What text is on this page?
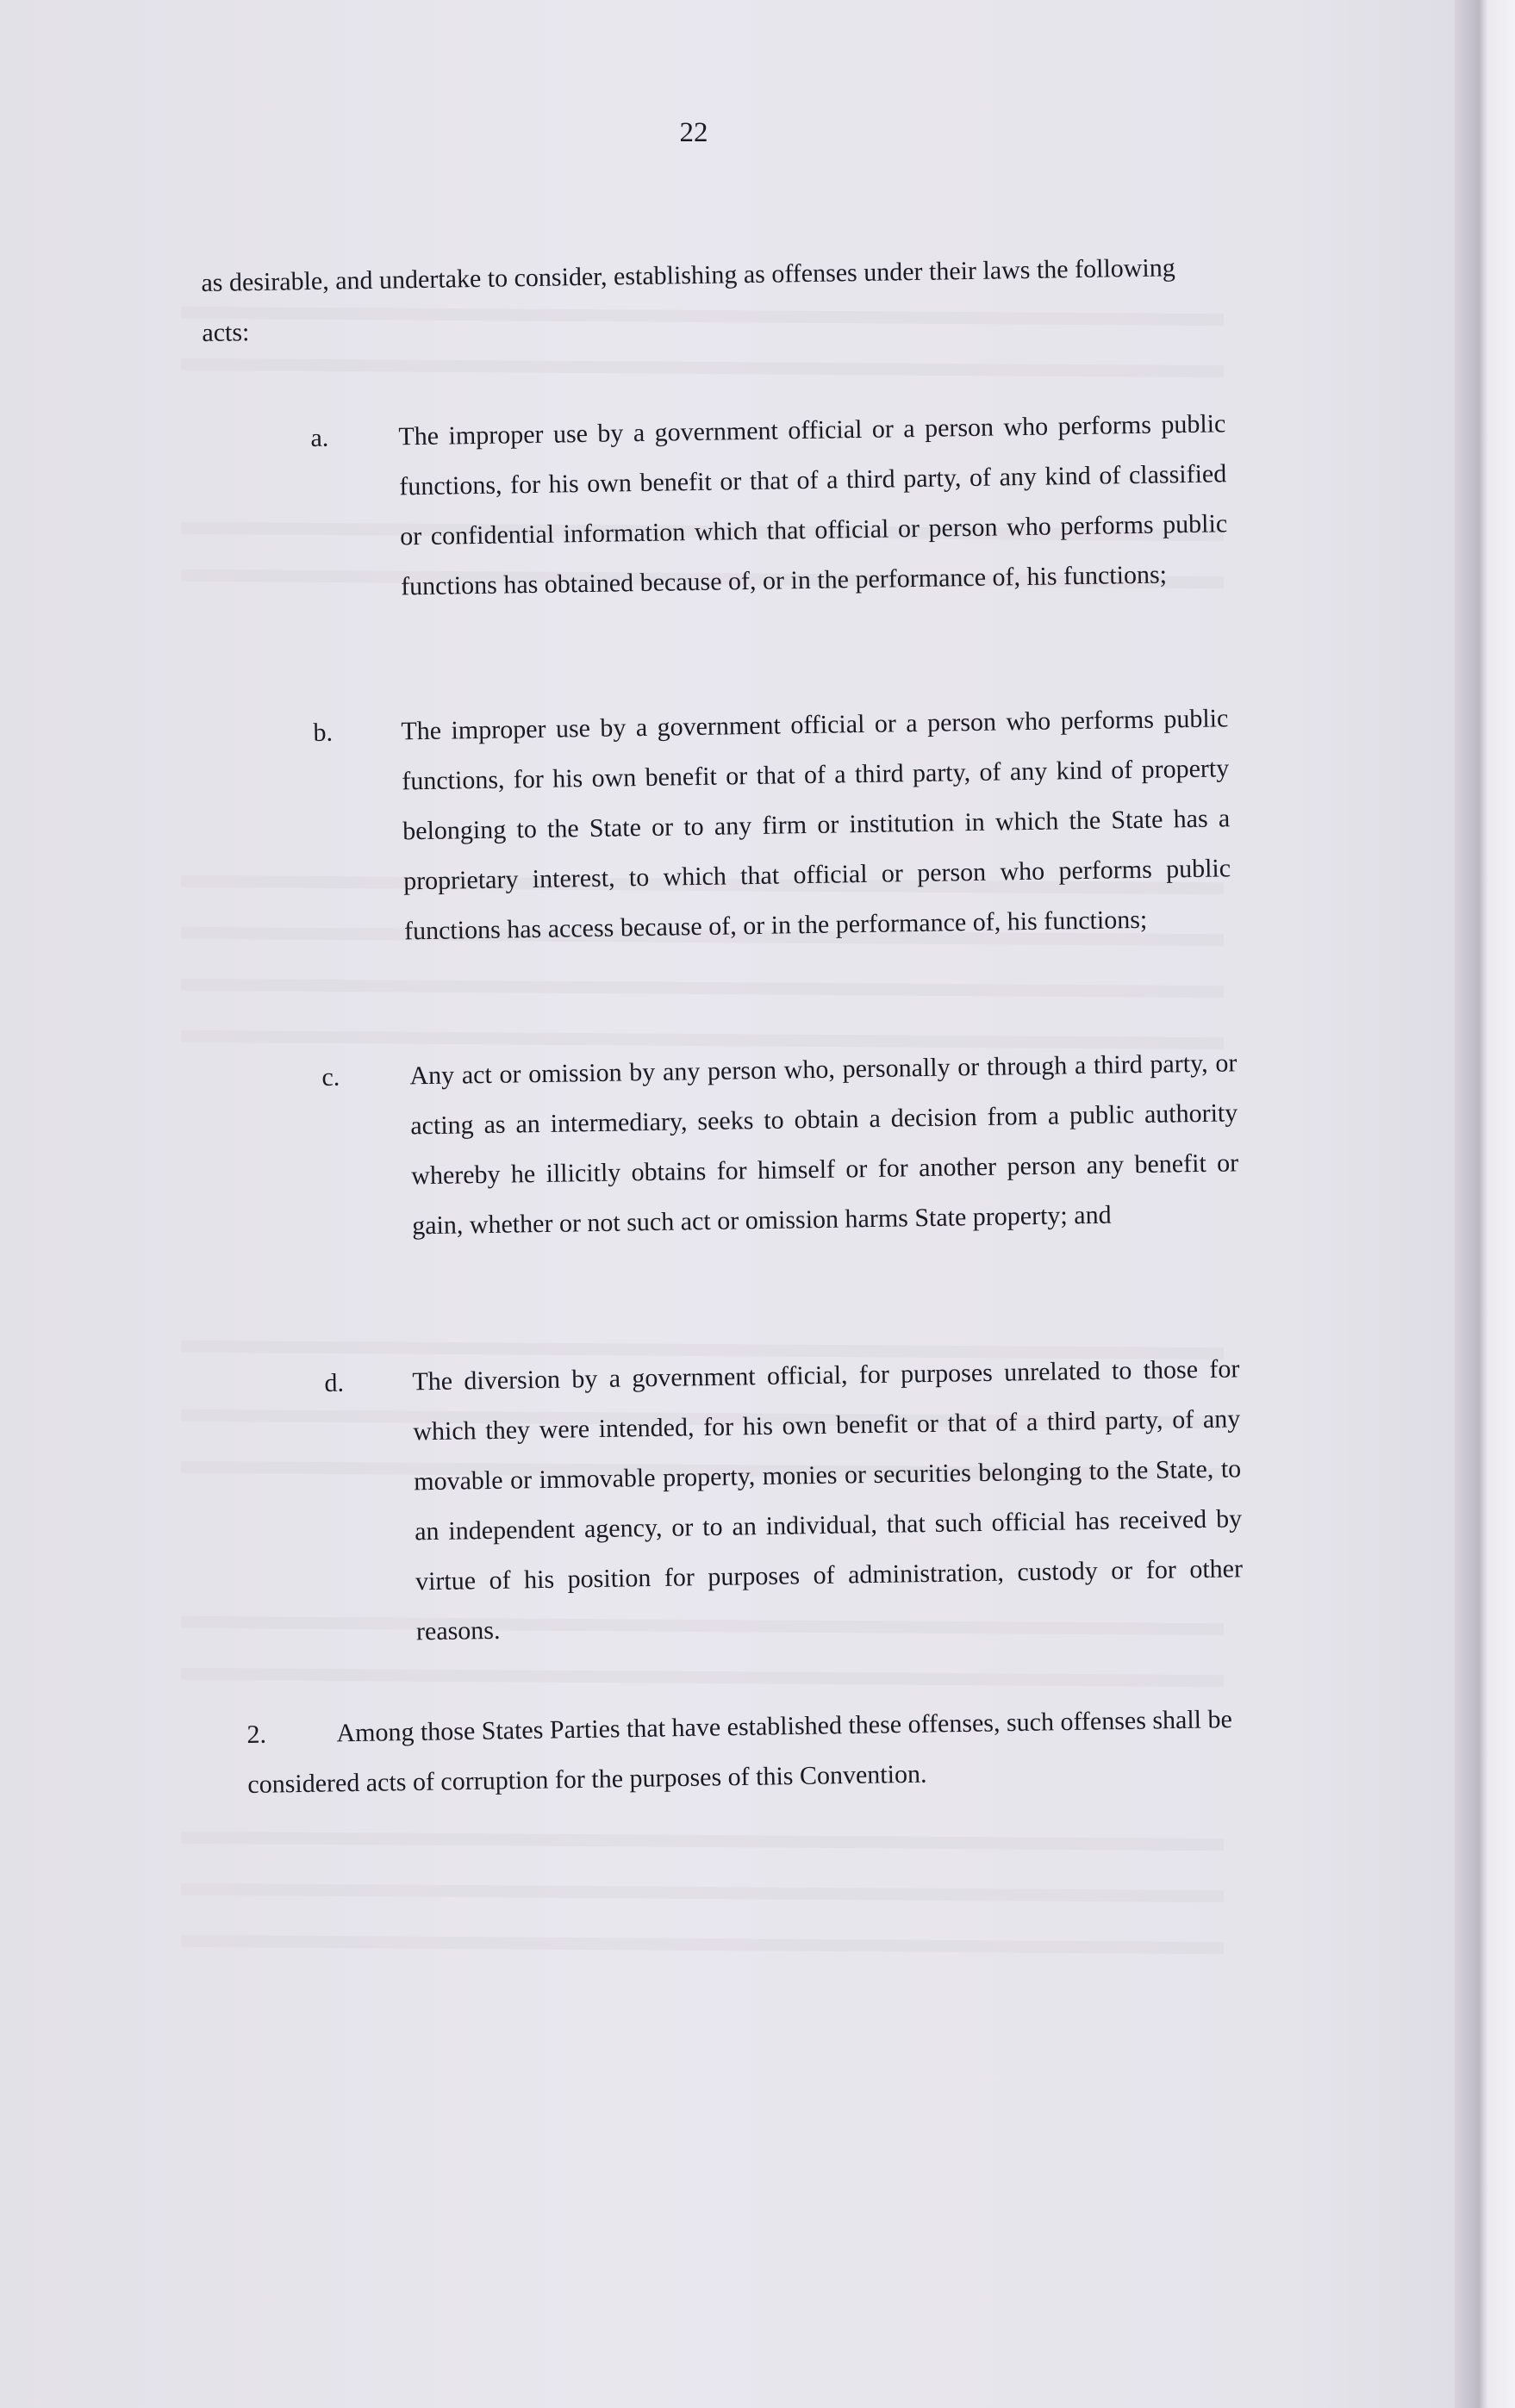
22
as desirable, and undertake to consider, establishing as offenses under their laws the following acts:
a.	The improper use by a government official or a person who performs public functions, for his own benefit or that of a third party, of any kind of classified or confidential information which that official or person who performs public functions has obtained because of, or in the performance of, his functions;
b.	The improper use by a government official or a person who performs public functions, for his own benefit or that of a third party, of any kind of property belonging to the State or to any firm or institution in which the State has a proprietary interest, to which that official or person who performs public functions has access because of, or in the performance of, his functions;
c.	Any act or omission by any person who, personally or through a third party, or acting as an intermediary, seeks to obtain a decision from a public authority whereby he illicitly obtains for himself or for another person any benefit or gain, whether or not such act or omission harms State property; and
d.	The diversion by a government official, for purposes unrelated to those for which they were intended, for his own benefit or that of a third party, of any movable or immovable property, monies or securities belonging to the State, to an independent agency, or to an individual, that such official has received by virtue of his position for purposes of administration, custody or for other reasons.
2.	Among those States Parties that have established these offenses, such offenses shall be considered acts of corruption for the purposes of this Convention.
